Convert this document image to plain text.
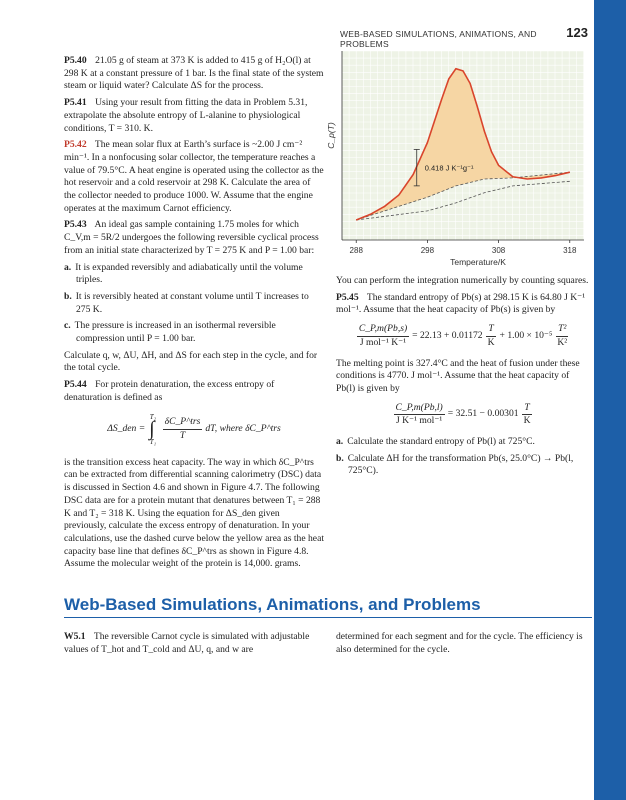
WEB-BASED SIMULATIONS, ANIMATIONS, AND PROBLEMS
123

P5.40 21.05 g of steam at 373 K is added to 415 g of H₂O(l) at 298 K at a constant pressure of 1 bar. Is the final state of the system steam or liquid water? Calculate ΔS for the process.

P5.41 Using your result from fitting the data in Problem 5.31, extrapolate the absolute entropy of L-alanine to physiological conditions, T = 310. K.

P5.42 The mean solar flux at Earth’s surface is ~2.00 J cm⁻² min⁻¹. In a nonfocusing solar collector, the temperature reaches a value of 79.5°C. A heat engine is operated using the collector as the hot reservoir and a cold reservoir at 298 K. Calculate the area of the collector needed to produce 1000. W. Assume that the engine operates at the maximum Carnot efficiency.

P5.43 An ideal gas sample containing 1.75 moles for which C_V,m = 5R/2 undergoes the following reversible cyclical process from an initial state characterized by T = 275 K and P = 1.00 bar:

a. It is expanded reversibly and adiabatically until the volume triples.

b. It is reversibly heated at constant volume until T increases to 275 K.

c. The pressure is increased in an isothermal reversible compression until P = 1.00 bar.

Calculate q, w, ΔU, ΔH, and ΔS for each step in the cycle, and for the total cycle.

P5.44 For protein denaturation, the excess entropy of denaturation is defined as

ΔS_den =
T₂
∫
$T_1 \frac{\text{δC\_P\textasciicircum{}trs}}{T}$ dT, where δC_P^trs

is the transition excess heat capacity. The way in which δC_P^trs can be extracted from differential scanning calorimetry (DSC) data is discussed in Section 4.6 and shown in Figure 4.7. The following DSC data are for a protein mutant that denatures between T₁ = 288 K and T₂ = 318 K. Using the equation for ΔS_den given previously, calculate the excess entropy of denaturation. In your calculations, use the dashed curve below the yellow area as the heat capacity base line that defines δC_P^trs as shown in Figure 4.8. Assume the molecular weight of the protein is 14,000. grams.

288	298	308	318
Temperature/K
C_p(T)
0.418 J K⁻¹g⁻¹

You can perform the integration numerically by counting squares.

P5.45 The standard entropy of Pb(s) at 298.15 K is 64.80 J K⁻¹ mol⁻¹. Assume that the heat capacity of Pb(s) is given by

$\frac{C\_P,m(Pb,s)}{\text{J mol⁻¹ K⁻¹}} = 22.13 + 0.01172 \frac{T}{K} + 1.00 \times 10^{-5} \frac{\text{T²}}{\text{K²}}$

The melting point is 327.4°C and the heat of fusion under these conditions is 4770. J mol⁻¹. Assume that the heat capacity of Pb(l) is given by

$\frac{C\_P,m(Pb,l)}{\text{J K⁻¹ mol⁻¹}} = 32.51 - 0.00301 \frac{T}{K}$

a. Calculate the standard entropy of Pb(l) at 725°C.

b. Calculate ΔH for the transformation Pb(s, 25.0°C) → Pb(l, 725°C).

Web-Based Simulations, Animations, and Problems

W5.1 The reversible Carnot cycle is simulated with adjustable values of T_hot and T_cold and ΔU, q, and w are

determined for each segment and for the cycle. The efficiency is also determined for the cycle.
